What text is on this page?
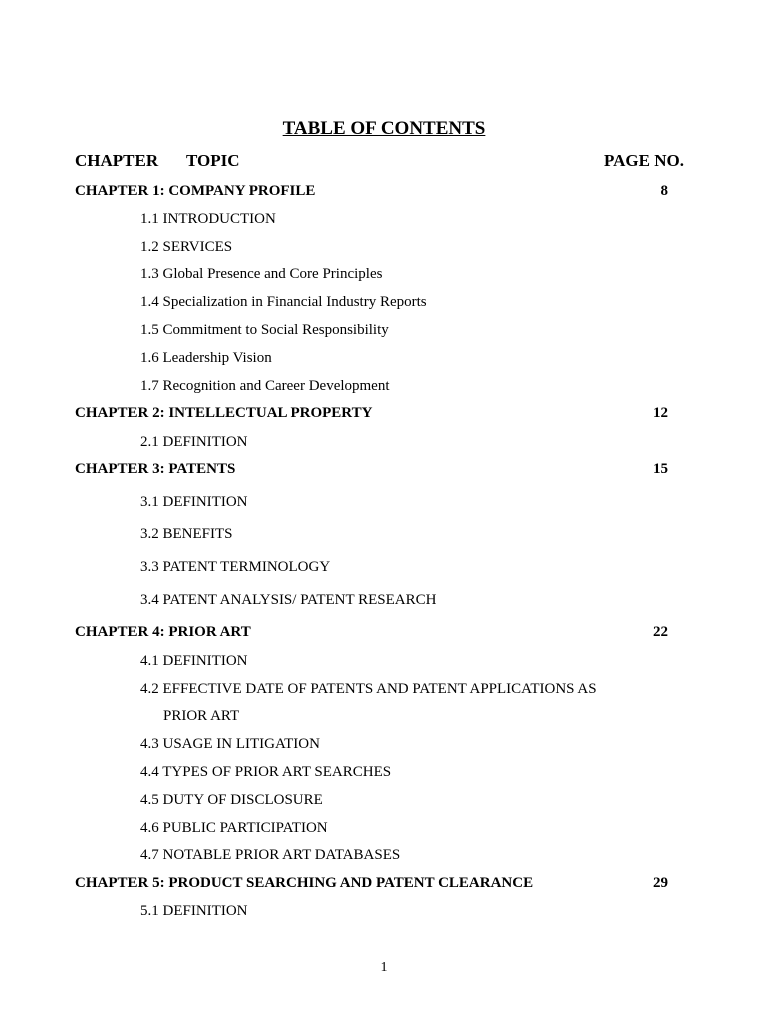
TABLE OF CONTENTS
CHAPTER TOPIC	PAGE NO.
CHAPTER 1: COMPANY PROFILE	8
1.1 INTRODUCTION
1.2 SERVICES
1.3 Global Presence and Core Principles
1.4 Specialization in Financial Industry Reports
1.5 Commitment to Social Responsibility
1.6 Leadership Vision
1.7 Recognition and Career Development
CHAPTER 2: INTELLECTUAL PROPERTY	12
2.1 DEFINITION
CHAPTER 3: PATENTS	15
3.1 DEFINITION
3.2 BENEFITS
3.3 PATENT TERMINOLOGY
3.4 PATENT ANALYSIS/ PATENT RESEARCH
CHAPTER 4: PRIOR ART	22
4.1 DEFINITION
4.2 EFFECTIVE DATE OF PATENTS AND PATENT APPLICATIONS AS
PRIOR ART
4.3 USAGE IN LITIGATION
4.4 TYPES OF PRIOR ART SEARCHES
4.5 DUTY OF DISCLOSURE
4.6 PUBLIC PARTICIPATION
4.7 NOTABLE PRIOR ART DATABASES
CHAPTER 5: PRODUCT SEARCHING AND PATENT CLEARANCE	29
5.1 DEFINITION
1
